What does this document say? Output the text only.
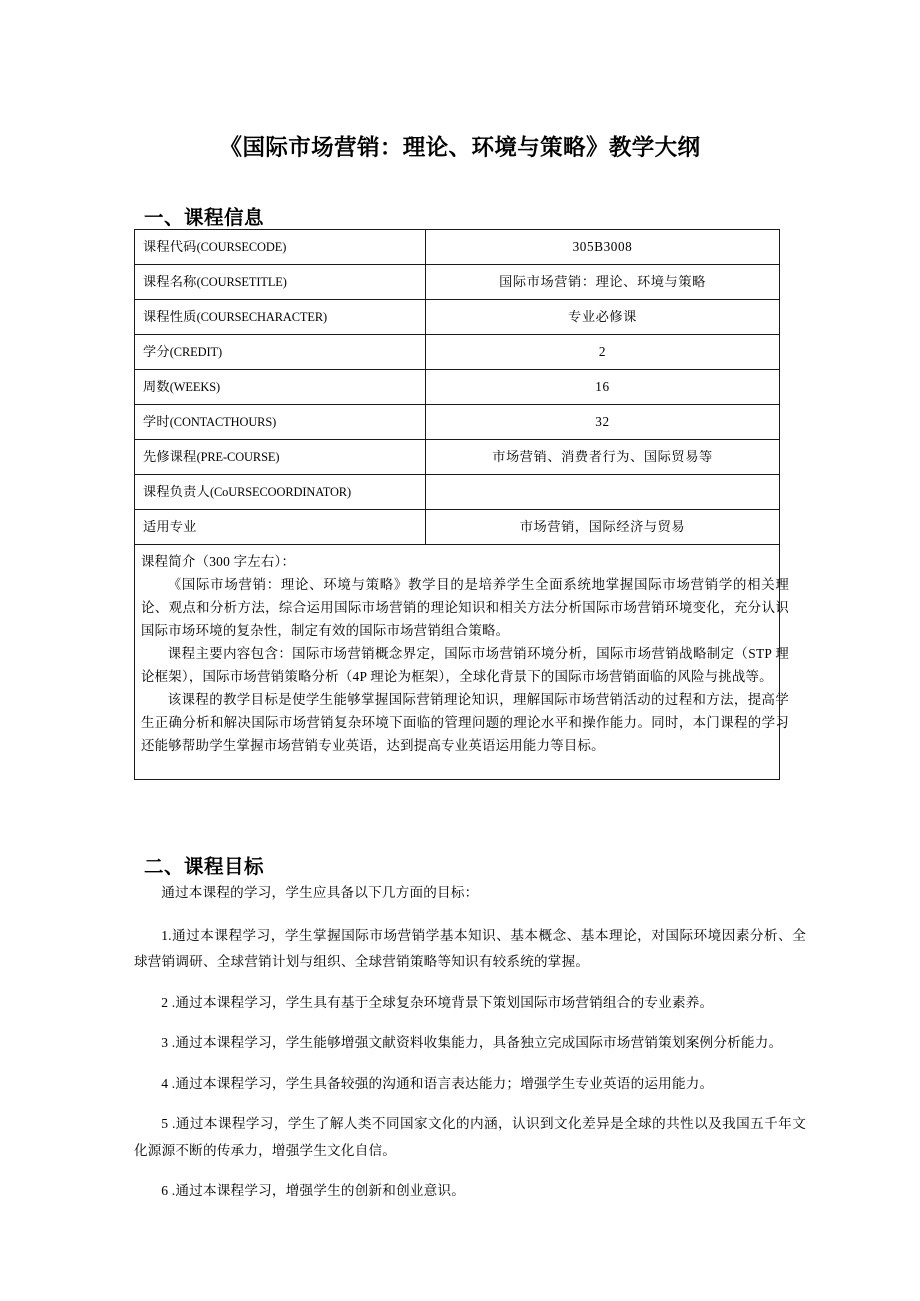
《国际市场营销：理论、环境与策略》教学大纲
一、课程信息
课程代码(COURSECODE)	305B3008
课程名称(COURSETITLE)	国际市场营销：理论、环境与策略
课程性质(COURSECHARACTER)	专业必修课
学分(CREDIT)	2
周数(WEEKS)	16
学时(CONTACTHOURS)	32
先修课程(PRE-COURSE)	市场营销、消费者行为、国际贸易等
课程负责人(CoURSECOORDINATOR)	
适用专业	市场营销，国际经济与贸易

课程简介（300 字左右）：

《国际市场营销：理论、环境与策略》教学目的是培养学生全面系统地掌握国际市场营销学的相关理论、观点和分析方法，综合运用国际市场营销的理论知识和相关方法分析国际市场营销环境变化，充分认识国际市场环境的复杂性，制定有效的国际市场营销组合策略。

课程主要内容包含：国际市场营销概念界定，国际市场营销环境分析，国际市场营销战略制定（STP 理论框架），国际市场营销策略分析（4P 理论为框架），全球化背景下的国际市场营销面临的风险与挑战等。

该课程的教学目标是使学生能够掌握国际营销理论知识，理解国际市场营销活动的过程和方法，提高学生正确分析和解决国际市场营销复杂环境下面临的管理问题的理论水平和操作能力。同时，本门课程的学习还能够帮助学生掌握市场营销专业英语，达到提高专业英语运用能力等目标。	

二、课程目标

通过本课程的学习，学生应具备以下几方面的目标：

1.通过本课程学习，学生掌握国际市场营销学基本知识、基本概念、基本理论，对国际环境因素分析、全球营销调研、全球营销计划与组织、全球营销策略等知识有较系统的掌握。

2 .通过本课程学习，学生具有基于全球复杂环境背景下策划国际市场营销组合的专业素养。

3 .通过本课程学习，学生能够增强文献资料收集能力，具备独立完成国际市场营销策划案例分析能力。

4 .通过本课程学习，学生具备较强的沟通和语言表达能力；增强学生专业英语的运用能力。

5 .通过本课程学习，学生了解人类不同国家文化的内涵，认识到文化差异是全球的共性以及我国五千年文化源源不断的传承力，增强学生文化自信。

6 .通过本课程学习，增强学生的创新和创业意识。
